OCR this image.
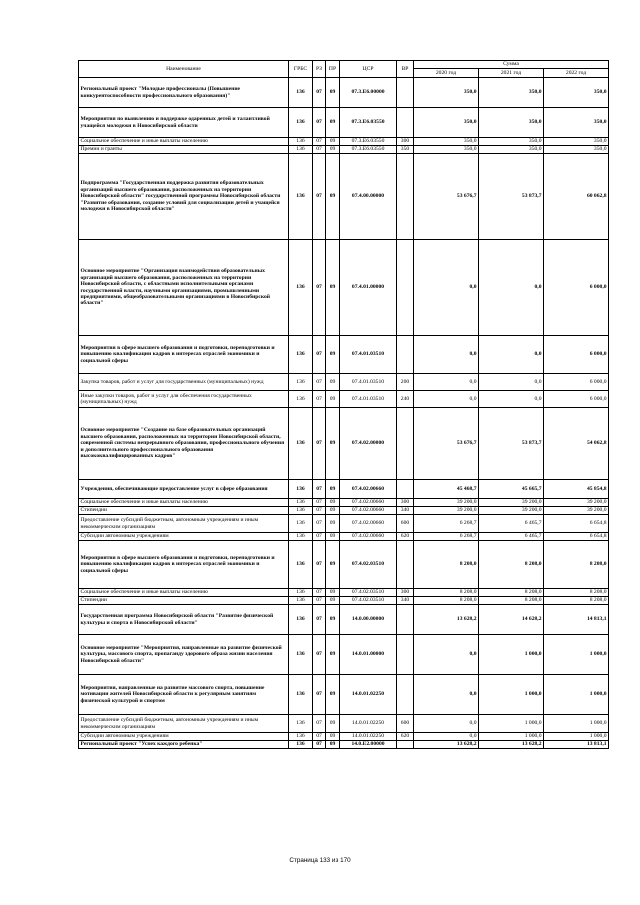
Наименование	ГРБС	РЗ	ПР	ЦСР	ВР	Сумма		
						2020 год	2021 год	2022 год
Региональный проект "Молодые профессионалы (Повышение конкурентоспособности профессионального образования)"	136	07	09	07.3.Е6.00000		350,0	350,0	350,0
Мероприятия по выявлению и поддержке одаренных детей и талантливой учащейся молодежи в Новосибирской области	136	07	09	07.3.Е6.03550		350,0	350,0	350,0
Социальное обеспечение и иные выплаты населению	136	07	09	07.3.Е6.03550	300	350,0	350,0	350,0
Премии и гранты	136	07	09	07.3.Е6.03550	350	350,0	350,0	350,0
Подпрограмма "Государственная поддержка развития образовательных организаций высшего образования, расположенных на территории Новосибирской области" государственной программы Новосибирской области "Развитие образования, создание условий для социализации детей и учащейся молодежи в Новосибирской области"	136	07	09	07.4.00.00000		53 676,7	53 873,7	60 062,8
Основное мероприятие "Организация взаимодействия образовательных организаций высшего образования, расположенных на территории Новосибирской области, с областными исполнительными органами государственной власти, научными организациями, промышленными предприятиями, общеобразовательными организациями в Новосибирской области"	136	07	09	07.4.01.00000		0,0	0,0	6 000,0
Мероприятия в сфере высшего образования и подготовки, переподготовки и повышению квалификации кадров в интересах отраслей экономики и социальной сферы	136	07	09	07.4.01.03510		0,0	0,0	6 000,0
Закупка товаров, работ и услуг для государственных (муниципальных) нужд	136	07	09	07.4.01.03510	200	0,0	0,0	6 000,0
Иные закупки товаров, работ и услуг для обеспечения государственных (муниципальных) нужд	136	07	09	07.4.01.03510	240	0,0	0,0	6 000,0
Основное мероприятие "Создание на базе образовательных организаций высшего образования, расположенных на территории Новосибирской области, современной системы непрерывного образования, профессионального обучения и дополнительного профессионального образования высококвалифицированных кадров"	136	07	09	07.4.02.00000		53 676,7	53 873,7	54 062,8
Учреждения, обеспечивающие предоставление услуг в сфере образования	136	07	09	07.4.02.00660		45 468,7	45 665,7	45 854,8
Социальное обеспечение и иные выплаты населению	136	07	09	07.4.02.00660	300	39 200,0	39 200,0	39 200,0
Стипендии	136	07	09	07.4.02.00660	340	39 200,0	39 200,0	39 200,0
Предоставление субсидий бюджетным, автономным учреждениям и иным некоммерческим организациям	136	07	09	07.4.02.00660	600	6 268,7	6 465,7	6 654,8
Субсидии автономным учреждениям	136	07	09	07.4.02.00660	620	6 268,7	6 465,7	6 654,8
Мероприятия в сфере высшего образования и подготовки, переподготовки и повышению квалификации кадров в интересах отраслей экономики и социальной сферы	136	07	09	07.4.02.03510		8 208,0	8 208,0	8 208,0
Социальное обеспечение и иные выплаты населению	136	07	09	07.4.02.03510	300	8 208,0	8 208,0	8 208,0
Стипендии	136	07	09	07.4.02.03510	340	8 208,0	8 208,0	8 208,0
Государственная программа Новосибирской области "Развитие физической культуры и спорта в Новосибирской области"	136	07	09	14.0.00.00000		13 628,2	14 628,2	14 813,1
Основное мероприятие "Мероприятия, направленные на развитие физической культуры, массового спорта, пропаганду здорового образа жизни населения Новосибирской области"	136	07	09	14.0.01.00000		0,0	1 000,0	1 000,0
Мероприятия, направленные на развитие массового спорта, повышение мотивации жителей Новосибирской области к регулярным занятиям физической культурой и спортом	136	07	09	14.0.01.02250		0,0	1 000,0	1 000,0
Предоставление субсидий бюджетным, автономным учреждениям и иным некоммерческим организациям	136	07	09	14.0.01.02250	600	0,0	1 000,0	1 000,0
Субсидии автономным учреждениям	136	07	09	14.0.01.02250	620	0,0	1 000,0	1 000,0
Региональный проект "Успех каждого ребенка"	136	07	09	14.0.Е2.00000		13 628,2	13 628,2	13 813,1
Страница 133 из 170
